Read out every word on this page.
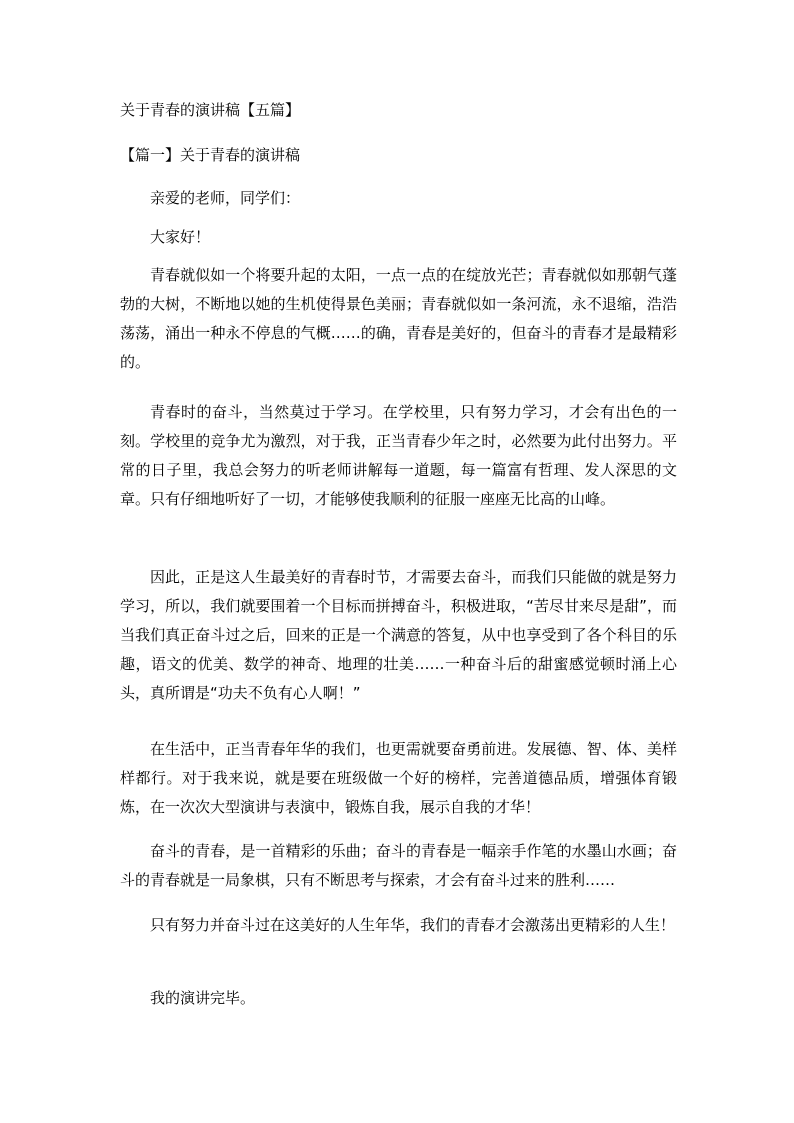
关于青春的演讲稿【五篇】
【篇一】关于青春的演讲稿
亲爱的老师，同学们：
大家好！
青春就似如一个将要升起的太阳，一点一点的在绽放光芒；青春就似如那朝气蓬勃的大树，不断地以她的生机使得景色美丽；青春就似如一条河流，永不退缩，浩浩荡荡，涌出一种永不停息的气概……的确，青春是美好的，但奋斗的青春才是最精彩的。
青春时的奋斗，当然莫过于学习。在学校里，只有努力学习，才会有出色的一刻。学校里的竞争尤为激烈，对于我，正当青春少年之时，必然要为此付出努力。平常的日子里，我总会努力的听老师讲解每一道题，每一篇富有哲理、发人深思的文章。只有仔细地听好了一切，才能够使我顺利的征服一座座无比高的山峰。
因此，正是这人生最美好的青春时节，才需要去奋斗，而我们只能做的就是努力学习，所以，我们就要围着一个目标而拼搏奋斗，积极进取，“苦尽甘来尽是甜”，而当我们真正奋斗过之后，回来的正是一个满意的答复，从中也享受到了各个科目的乐趣，语文的优美、数学的神奇、地理的壮美……一种奋斗后的甜蜜感觉顿时涌上心头，真所谓是“功夫不负有心人啊！”
在生活中，正当青春年华的我们，也更需就要奋勇前进。发展德、智、体、美样样都行。对于我来说，就是要在班级做一个好的榜样，完善道德品质，增强体育锻炼，在一次次大型演讲与表演中，锻炼自我，展示自我的才华！
奋斗的青春，是一首精彩的乐曲；奋斗的青春是一幅亲手作笔的水墨山水画；奋斗的青春就是一局象棋，只有不断思考与探索，才会有奋斗过来的胜利……
只有努力并奋斗过在这美好的人生年华，我们的青春才会激荡出更精彩的人生！
我的演讲完毕。
